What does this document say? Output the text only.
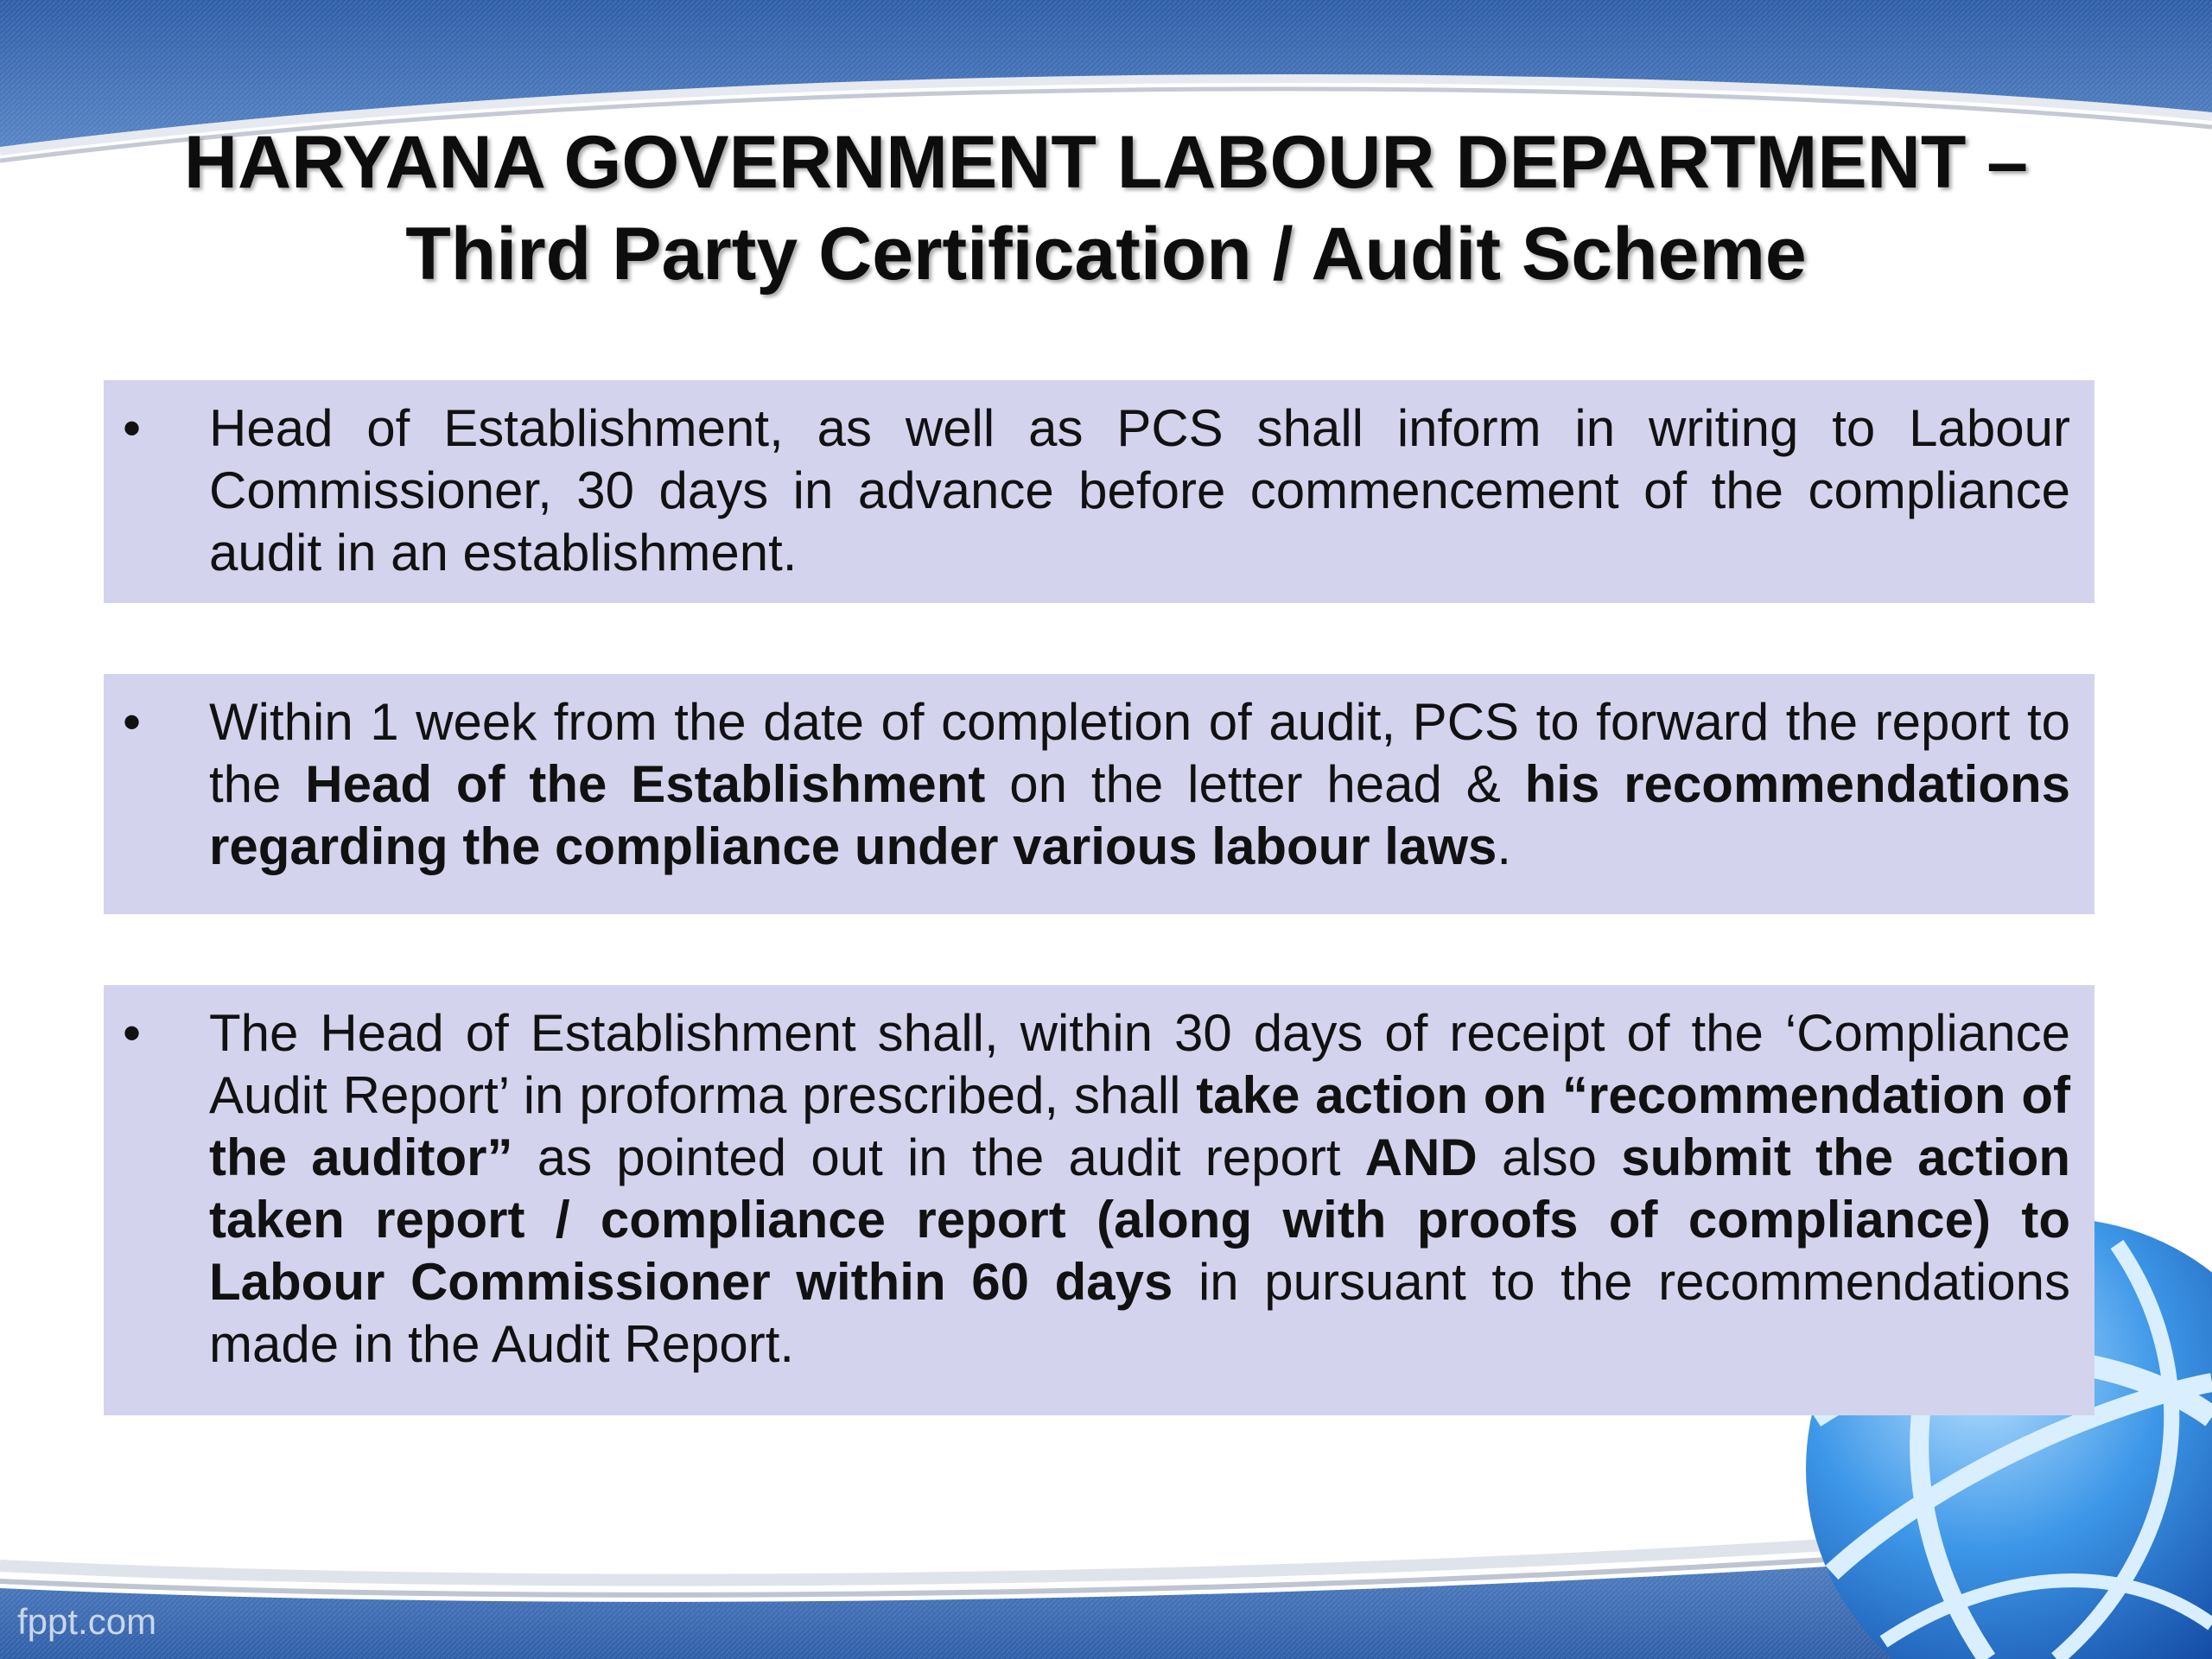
HARYANA GOVERNMENT LABOUR DEPARTMENT –
Third Party Certification / Audit Scheme
• Head of Establishment, as well as PCS shall inform in writing to Labour Commissioner, 30 days in advance before commencement of the compliance audit in an establishment.
• Within 1 week from the date of completion of audit, PCS to forward the report to the Head of the Establishment on the letter head & his recommendations regarding the compliance under various labour laws.
• The Head of Establishment shall, within 30 days of receipt of the ‘Compliance Audit Report’ in proforma prescribed, shall take action on “recommendation of the auditor” as pointed out in the audit report AND also submit the action taken report / compliance report (along with proofs of compliance) to Labour Commissioner within 60 days in pursuant to the recommendations made in the Audit Report.
fppt.com
